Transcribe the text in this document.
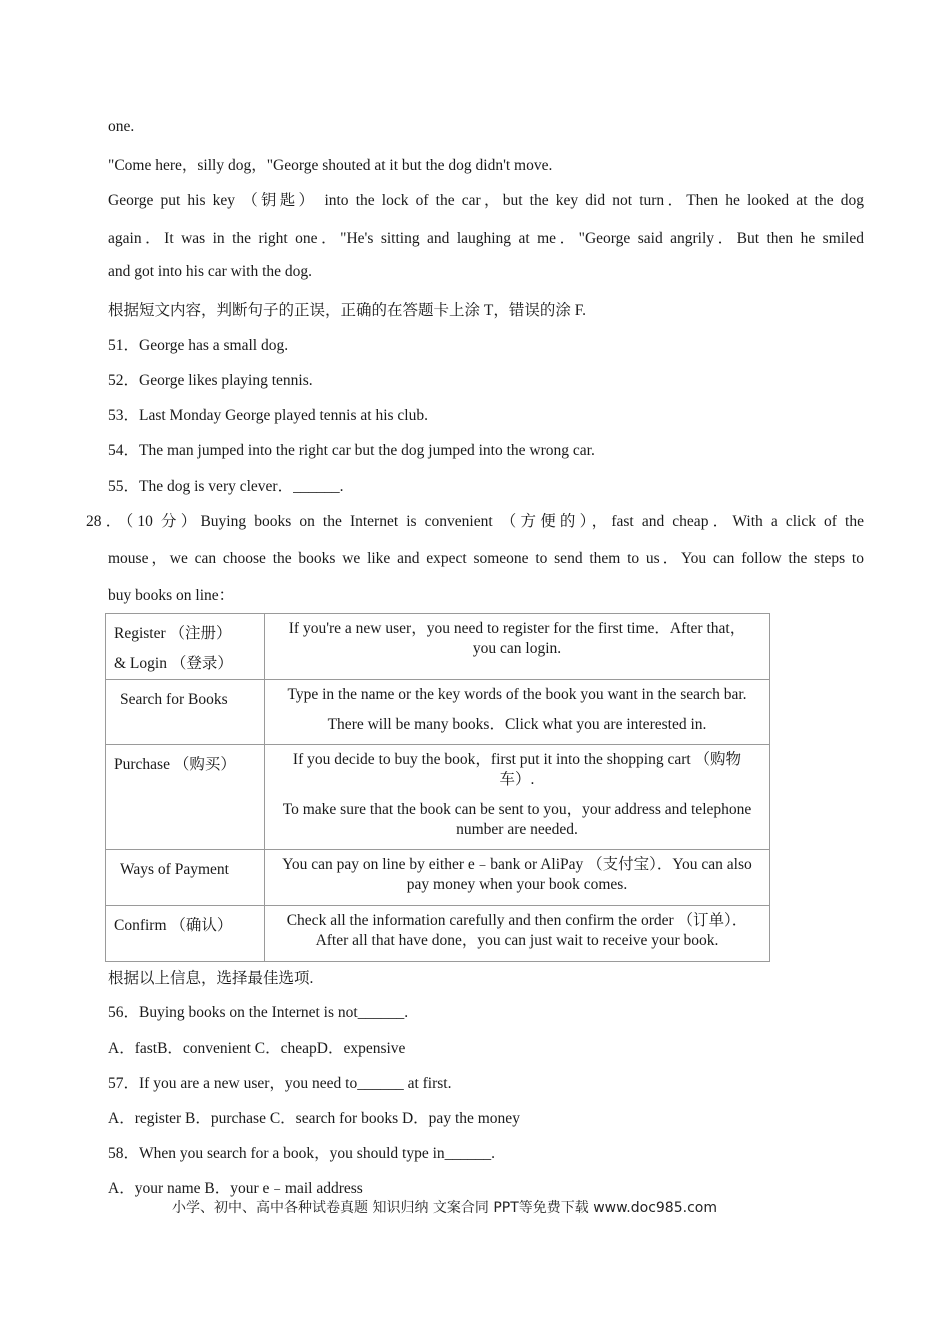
one.
"Come here，silly dog，"George shouted at it but the dog didn't move.
George put his key （钥匙） into the lock of the car，but the key did not turn．Then he looked at the dog
again．It was in the right one．"He's sitting and laughing at me．"George said angrily．But then he smiled
and got into his car with the dog.
根据短文内容，判断句子的正误，正确的在答题卡上涂 T，错误的涂 F.
51．George has a small dog.
52．George likes playing tennis.
53．Last Monday George played tennis at his club.
54．The man jumped into the right car but the dog jumped into the wrong car.
55．The dog is very clever．______.
28．（10 分）Buying books on the Internet is convenient （方便的），fast and cheap．With a click of the
mouse，we can choose the books we like and expect someone to send them to us．You can follow the steps to
buy books on line：
Register （注册）
& Login （登录）	If you're a new user，you need to register for the first time．After that，you can login.

Search for Books	Type in the name or the key words of the book you want in the search bar.
There will be many books．Click what you are interested in.

Purchase （购买）	If you decide to buy the book，first put it into the shopping cart （购物车）.
To make sure that the book can be sent to you，your address and telephone number are needed.

Ways of Payment	You can pay on line by either e﹣bank or AliPay （支付宝）．You can also pay money when your book comes.

Confirm （确认）	Check all the information carefully and then confirm the order （订单）．After all that have done，you can just wait to receive your book.
根据以上信息，选择最佳选项.
56．Buying books on the Internet is not______.
A．fastB．convenient C．cheapD．expensive
57．If you are a new user，you need to______ at first.
A．register B．purchase C．search for books D．pay the money
58．When you search for a book，you should type in______.
A．your name B．your e﹣mail address
小学、初中、高中各种试卷真题 知识归纳 文案合同 PPT等免费下载 www.doc985.com
